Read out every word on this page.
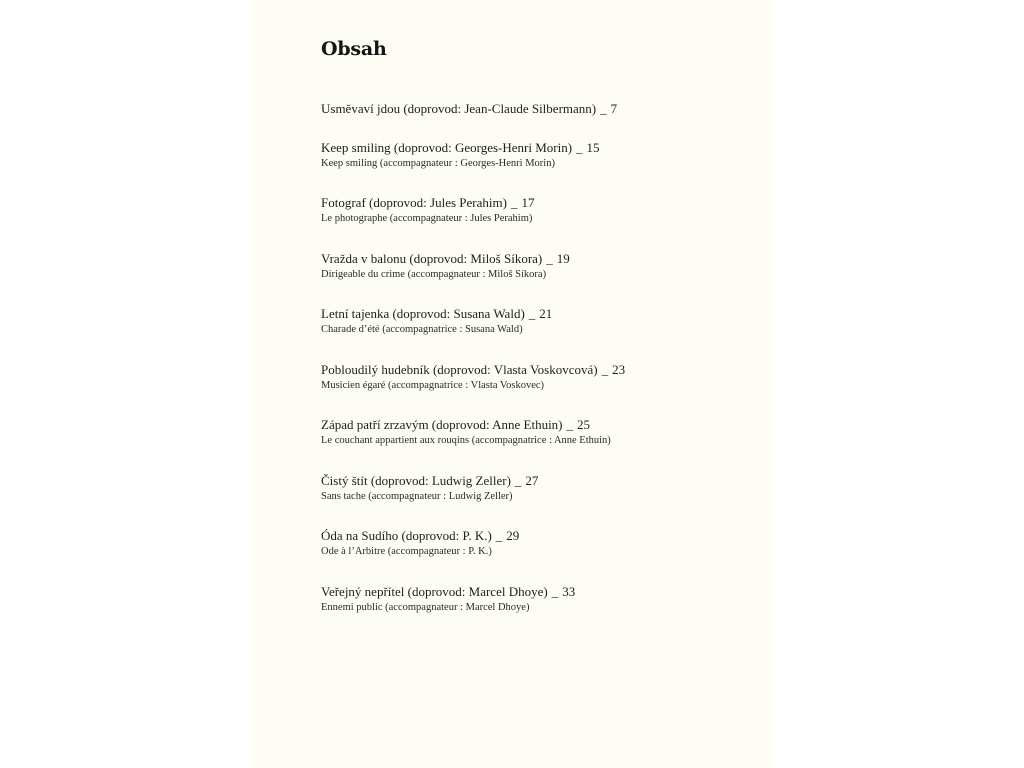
Obsah
Usměvaví jdou (doprovod: Jean-Claude Silbermann) _ 7
Keep smiling (doprovod: Georges-Henri Morin) _ 15
Keep smiling (accompagnateur : Georges-Henri Morin)
Fotograf (doprovod: Jules Perahim) _ 17
Le photographe (accompagnateur : Jules Perahim)
Vražda v balonu (doprovod: Miloš Síkora) _ 19
Dirigeable du crime (accompagnateur : Miloš Síkora)
Letní tajenka (doprovod: Susana Wald) _ 21
Charade d’été (accompagnatrice : Susana Wald)
Pobloudilý hudebník (doprovod: Vlasta Voskovcová) _ 23
Musicien égaré (accompagnatrice : Vlasta Voskovec)
Západ patří zrzavým (doprovod: Anne Ethuin) _ 25
Le couchant appartient aux rouqins (accompagnatrice : Anne Ethuin)
Čistý štít (doprovod: Ludwig Zeller) _ 27
Sans tache (accompagnateur : Ludwig Zeller)
Óda na Sudího (doprovod: P. K.) _ 29
Ode à l’Arbitre (accompagnateur : P. K.)
Veřejný nepřítel (doprovod: Marcel Dhoye) _ 33
Ennemi public (accompagnateur : Marcel Dhoye)
